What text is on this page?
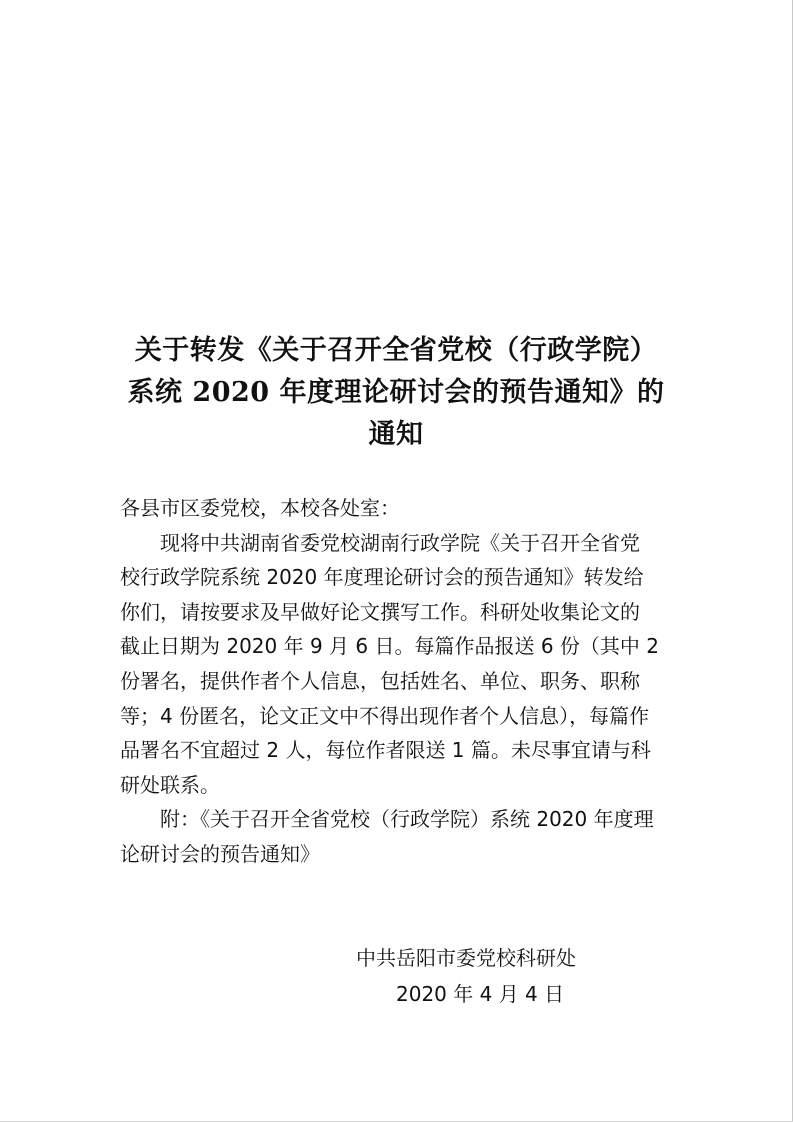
关于转发《关于召开全省党校（行政学院）
系统 2020 年度理论研讨会的预告通知》的
通知

各县市区委党校，本校各处室：

现将中共湖南省委党校湖南行政学院《关于召开全省党

校行政学院系统 2020 年度理论研讨会的预告通知》转发给

你们，请按要求及早做好论文撰写工作。科研处收集论文的

截止日期为 2020 年 9 月 6 日。每篇作品报送 6 份（其中 2

份署名，提供作者个人信息，包括姓名、单位、职务、职称

等；4 份匿名，论文正文中不得出现作者个人信息），每篇作

品署名不宜超过 2 人，每位作者限送 1 篇。未尽事宜请与科

研处联系。

附：《关于召开全省党校（行政学院）系统 2020 年度理

论研讨会的预告通知》

中共岳阳市委党校科研处
2020 年 4 月 4 日
